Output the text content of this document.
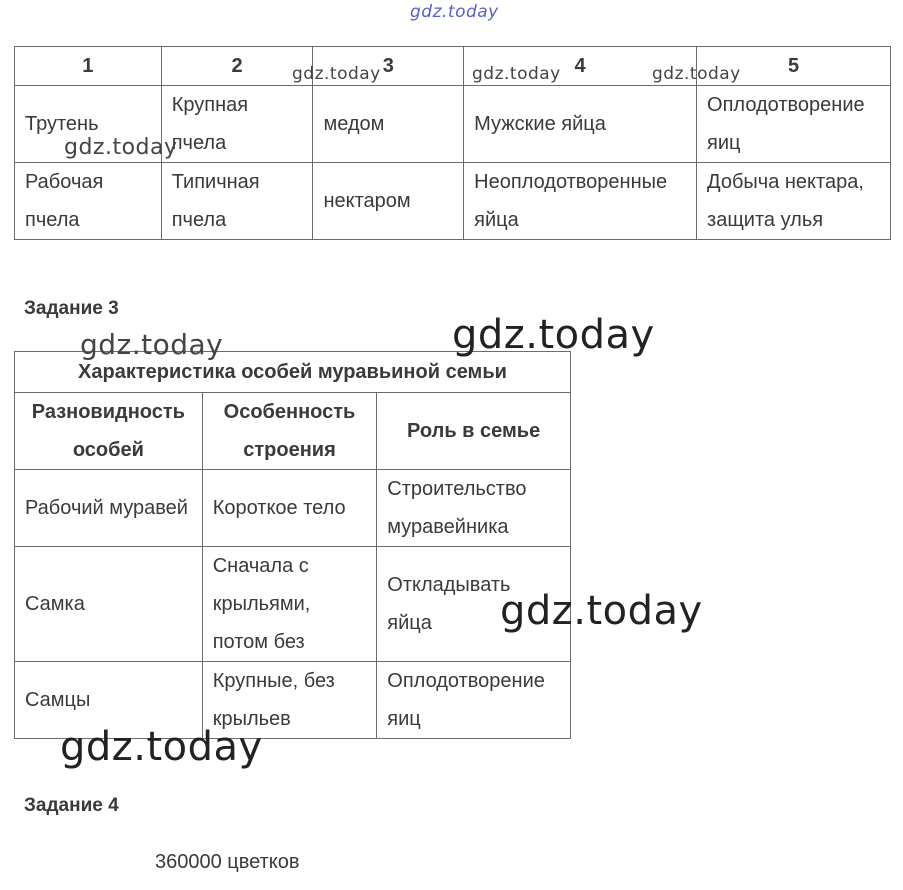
gdz.today
1	2	3	4	5
Трутень	Крупная пчела	медом	Мужские яйца	Оплодотворение яиц
Рабочая пчела	Типичная пчела	нектаром	Неоплодотворенные яйца	Добыча нектара, защита улья
gdz.today	gdz.today	gdz.today
gdz.today
Задание 3
Характеристика особей муравьиной семьи		
Разновидность особей	Особенность строения	Роль в семье
Рабочий муравей	Короткое тело	Строительство муравейника
Самка	Сначала с крыльями, потом без	Откладывать яйца
Самцы	Крупные, без крыльев	Оплодотворение яиц
gdz.today	gdz.today
gdz.today
gdz.today
Задание 4
360000 цветков
